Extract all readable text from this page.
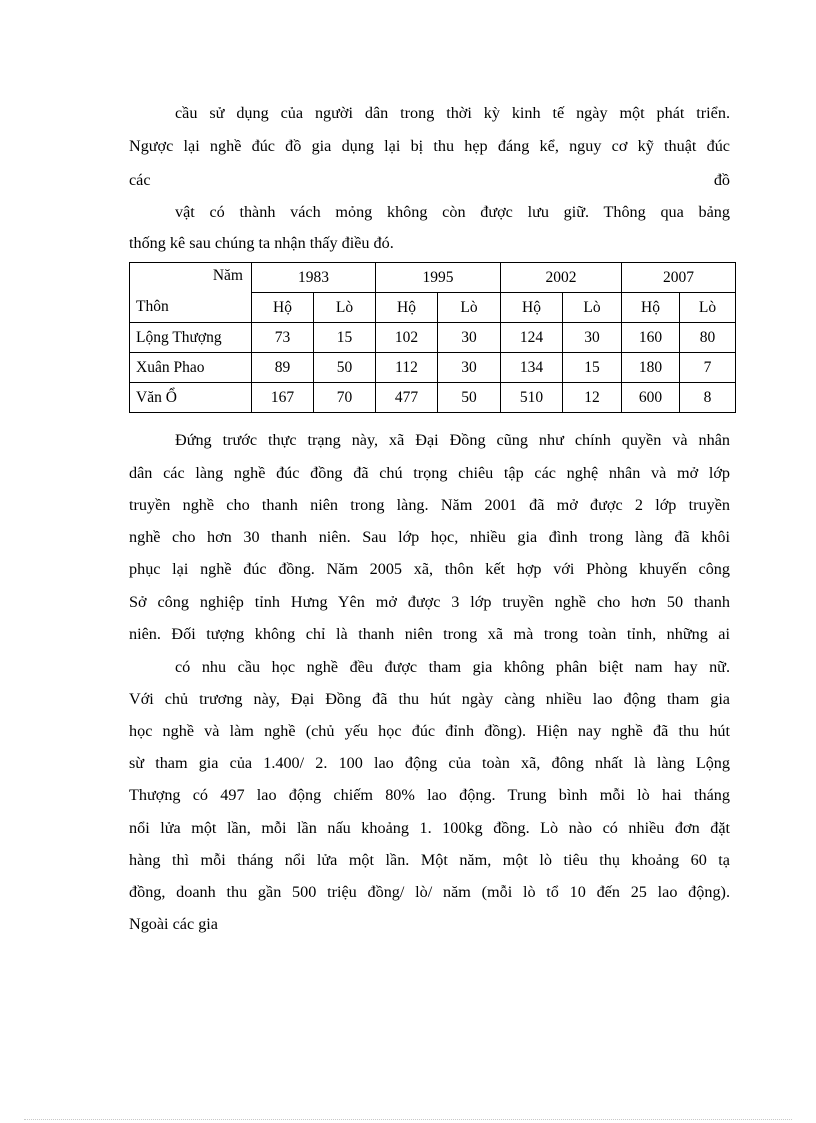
cầu sử dụng của người dân trong thời kỳ kinh tế ngày một phát triển.
Ngược lại nghề đúc đồ gia dụng lại bị thu hẹp đáng kể, nguy cơ kỹ thuật đúc
các	đồ
vật có thành vách mỏng không còn được lưu giữ. Thông qua bảng
thống kê sau chúng ta nhận thấy điều đó.
Năm
Thôn	1983		1995		2002		2007	
	Hộ	Lò	Hộ	Lò	Hộ	Lò	Hộ	Lò
Lộng Thượng	73	15	102	30	124	30	160	80
Xuân Phao	89	50	112	30	134	15	180	7
Văn Ổ	167	70	477	50	510	12	600	8
Đứng trước thực trạng này, xã Đại Đồng cũng như chính quyền và nhân
dân các làng nghề đúc đồng đã chú trọng chiêu tập các nghệ nhân và mở lớp
truyền nghề cho thanh niên trong làng. Năm 2001 đã mở được 2 lớp truyền
nghề cho hơn 30 thanh niên. Sau lớp học, nhiều gia đình trong làng đã khôi
phục lại nghề đúc đồng. Năm 2005 xã, thôn kết hợp với Phòng khuyến công
Sở công nghiệp tỉnh Hưng Yên mở được 3 lớp truyền nghề cho hơn 50 thanh
niên. Đối tượng không chỉ là thanh niên trong xã mà trong toàn tỉnh, những ai
có nhu cầu học nghề đều được tham gia không phân biệt nam hay nữ.
Với chủ trương này, Đại Đồng đã thu hút ngày càng nhiều lao động tham gia
học nghề và làm nghề (chủ yếu học đúc đỉnh đồng). Hiện nay nghề đã thu hút
sừ tham gia của 1.400/ 2. 100 lao động của toàn xã, đông nhất là làng Lộng
Thượng có 497 lao động chiếm 80% lao động. Trung bình mỗi lò hai tháng
nổi lửa một lần, mỗi lần nấu khoảng 1. 100kg đồng. Lò nào có nhiều đơn đặt
hàng thì mỗi tháng nổi lửa một lần. Một năm, một lò tiêu thụ khoảng 60 tạ
đồng, doanh thu gần 500 triệu đồng/ lò/ năm (mỗi lò tổ 10 đến 25 lao động).
Ngoài các gia
